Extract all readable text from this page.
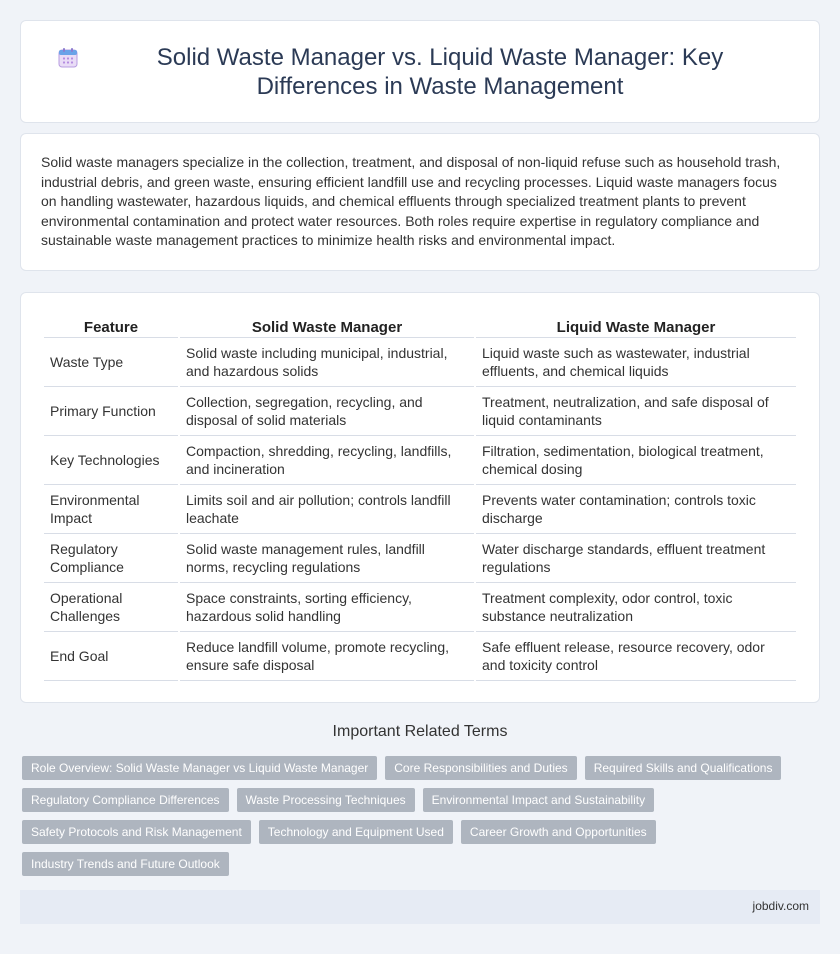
Solid Waste Manager vs. Liquid Waste Manager: Key Differences in Waste Management

Solid waste managers specialize in the collection, treatment, and disposal of non-liquid refuse such as household trash, industrial debris, and green waste, ensuring efficient landfill use and recycling processes. Liquid waste managers focus on handling wastewater, hazardous liquids, and chemical effluents through specialized treatment plants to prevent environmental contamination and protect water resources. Both roles require expertise in regulatory compliance and sustainable waste management practices to minimize health risks and environmental impact.

Feature	Solid Waste Manager	Liquid Waste Manager
Waste Type	Solid waste including municipal, industrial, and hazardous solids	Liquid waste such as wastewater, industrial effluents, and chemical liquids
Primary Function	Collection, segregation, recycling, and disposal of solid materials	Treatment, neutralization, and safe disposal of liquid contaminants
Key Technologies	Compaction, shredding, recycling, landfills, and incineration	Filtration, sedimentation, biological treatment, chemical dosing
Environmental Impact	Limits soil and air pollution; controls landfill leachate	Prevents water contamination; controls toxic discharge
Regulatory Compliance	Solid waste management rules, landfill norms, recycling regulations	Water discharge standards, effluent treatment regulations
Operational Challenges	Space constraints, sorting efficiency, hazardous solid handling	Treatment complexity, odor control, toxic substance neutralization
End Goal	Reduce landfill volume, promote recycling, ensure safe disposal	Safe effluent release, resource recovery, odor and toxicity control
Important Related Terms
Role Overview: Solid Waste Manager vs Liquid Waste Manager	Core Responsibilities and Duties	Required Skills and Qualifications
Regulatory Compliance Differences	Waste Processing Techniques	Environmental Impact and Sustainability
Safety Protocols and Risk Management	Technology and Equipment Used	Career Growth and Opportunities
Industry Trends and Future Outlook
jobdiv.com
